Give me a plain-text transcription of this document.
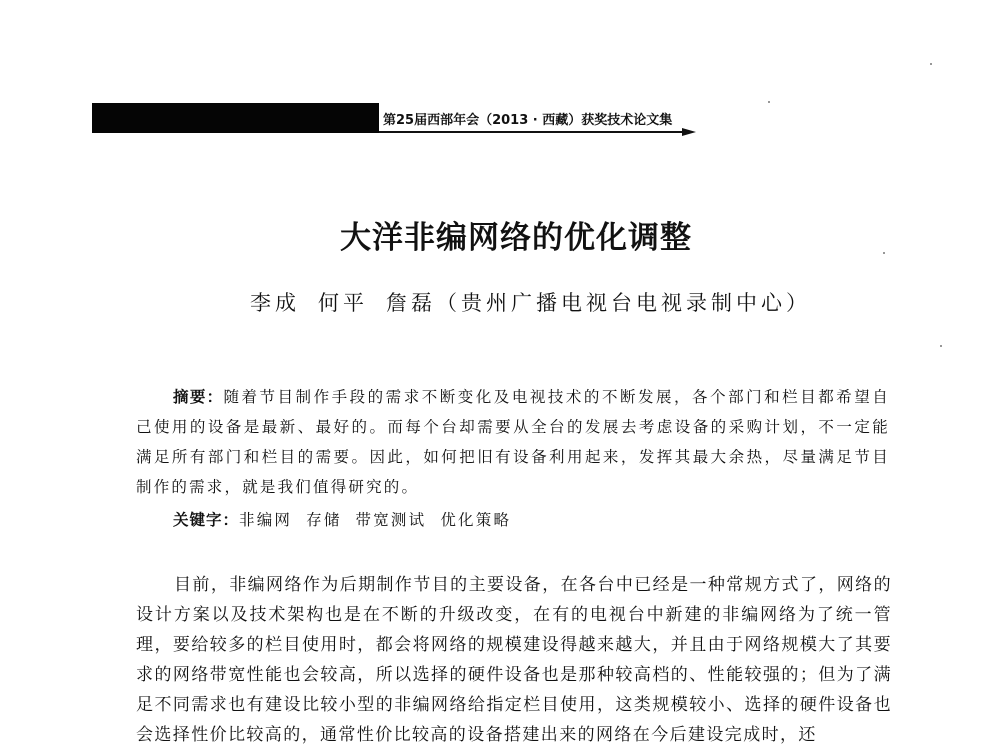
第25届西部年会（2013 · 西藏）获奖技术论文集
大洋非编网络的优化调整
李成 何平 詹磊（贵州广播电视台电视录制中心）
摘要：随着节目制作手段的需求不断变化及电视技术的不断发展，各个部门和栏目都希望自己使用的设备是最新、最好的。而每个台却需要从全台的发展去考虑设备的采购计划，不一定能满足所有部门和栏目的需要。因此，如何把旧有设备利用起来，发挥其最大余热，尽量满足节目制作的需求，就是我们值得研究的。
关键字：非编网 存储 带宽测试 优化策略
目前，非编网络作为后期制作节目的主要设备，在各台中已经是一种常规方式了，网络的设计方案以及技术架构也是在不断的升级改变，在有的电视台中新建的非编网络为了统一管理，要给较多的栏目使用时，都会将网络的规模建设得越来越大，并且由于网络规模大了其要求的网络带宽性能也会较高，所以选择的硬件设备也是那种较高档的、性能较强的；但为了满足不同需求也有建设比较小型的非编网络给指定栏目使用，这类规模较小、选择的硬件设备也会选择性价比较高的，通常性价比较高的设备搭建出来的网络在今后建设完成时，还
